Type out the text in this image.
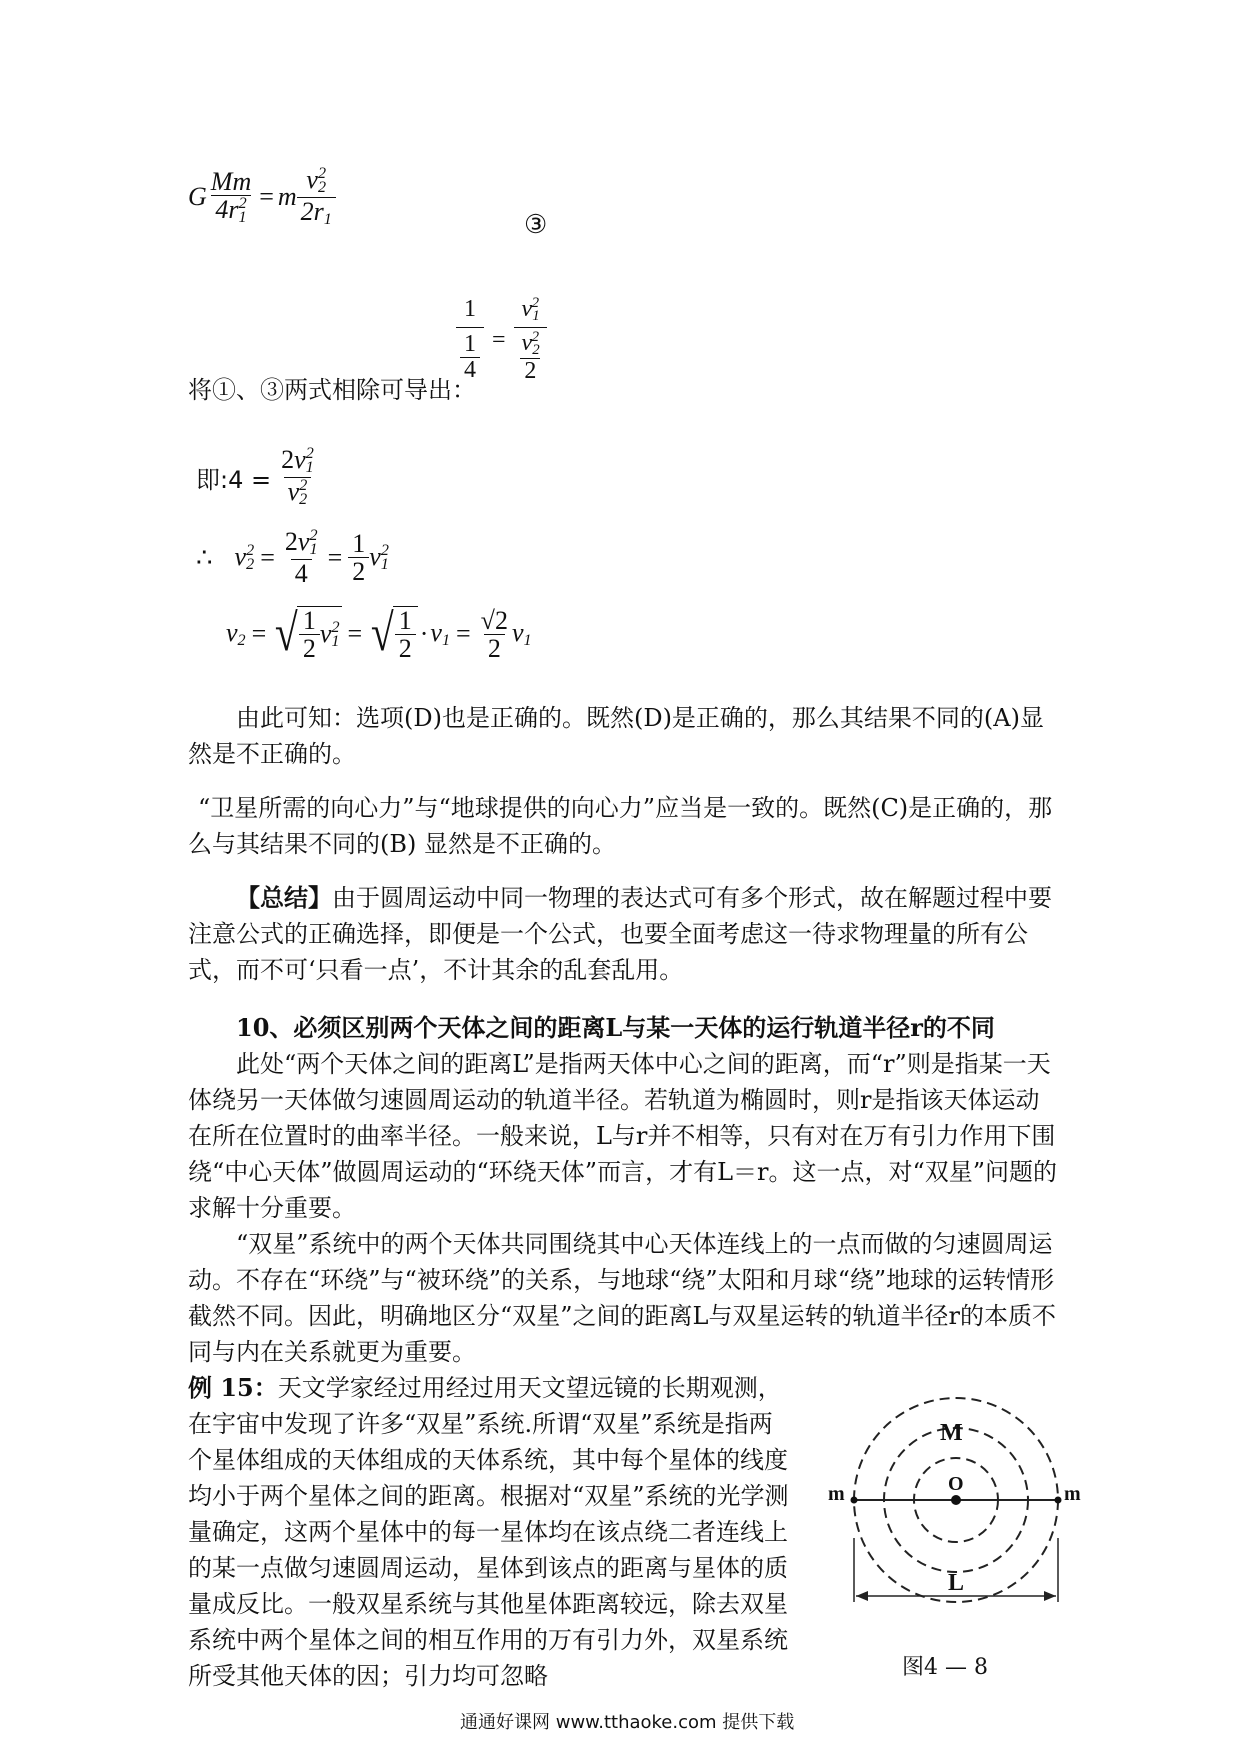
G $\frac{Mm}{4r_1^2} = m \frac{v_2^2}{2r_1}$	③
将①、③两式相除可导出：
$\frac{1}{\frac{1}{4}} = \frac{v_1^2}{\frac{v_2^2}{2}}$
即:4 = $\frac{2v_1^2}{v_2^2}$
∴ $v_2^2 = \frac{2v_1^2}{4} = \frac{1}{2} v_1^2$
$v_2$ = √ $\frac{1}{2} v_1^2$ = √ $\frac{1}{2} \cdot v_1 = \frac{√2}{2} v_1$
由此可知：选项(D)也是正确的。既然(D)是正确的，那么其结果不同的(A)显然是不正确的。
“卫星所需的向心力”与“地球提供的向心力”应当是一致的。既然(C)是正确的，那么与其结果不同的(B) 显然是不正确的。
【总结】由于圆周运动中同一物理的表达式可有多个形式，故在解题过程中要注意公式的正确选择，即便是一个公式，也要全面考虑这一待求物理量的所有公式，而不可‘只看一点’，不计其余的乱套乱用。
10、必须区别两个天体之间的距离L与某一天体的运行轨道半径r的不同
此处“两个天体之间的距离L”是指两天体中心之间的距离，而“r”则是指某一天体绕另一天体做匀速圆周运动的轨道半径。若轨道为椭圆时，则r是指该天体运动在所在位置时的曲率半径。一般来说，L与r并不相等，只有对在万有引力作用下围绕“中心天体”做圆周运动的“环绕天体”而言，才有L＝r。这一点，对“双星”问题的求解十分重要。
“双星”系统中的两个天体共同围绕其中心天体连线上的一点而做的匀速圆周运动。不存在“环绕”与“被环绕”的关系，与地球“绕”太阳和月球“绕”地球的运转情形截然不同。因此，明确地区分“双星”之间的距离L与双星运转的轨道半径r的本质不同与内在关系就更为重要。
例 15：天文学家经过用经过用天文望远镜的长期观测，在宇宙中发现了许多“双星”系统.所谓“双星”系统是指两个星体组成的天体组成的天体系统，其中每个星体的线度均小于两个星体之间的距离。根据对“双星”系统的光学测量确定，这两个星体中的每一星体均在该点绕二者连线上的某一点做匀速圆周运动，星体到该点的距离与星体的质量成反比。一般双星系统与其他星体距离较远，除去双星系统中两个星体之间的相互作用的万有引力外，双星系统所受其他天体的因；引力均可忽略
M
O
m	m
L
图4 — 8
通通好课网 www.tthaoke.com 提供下载
